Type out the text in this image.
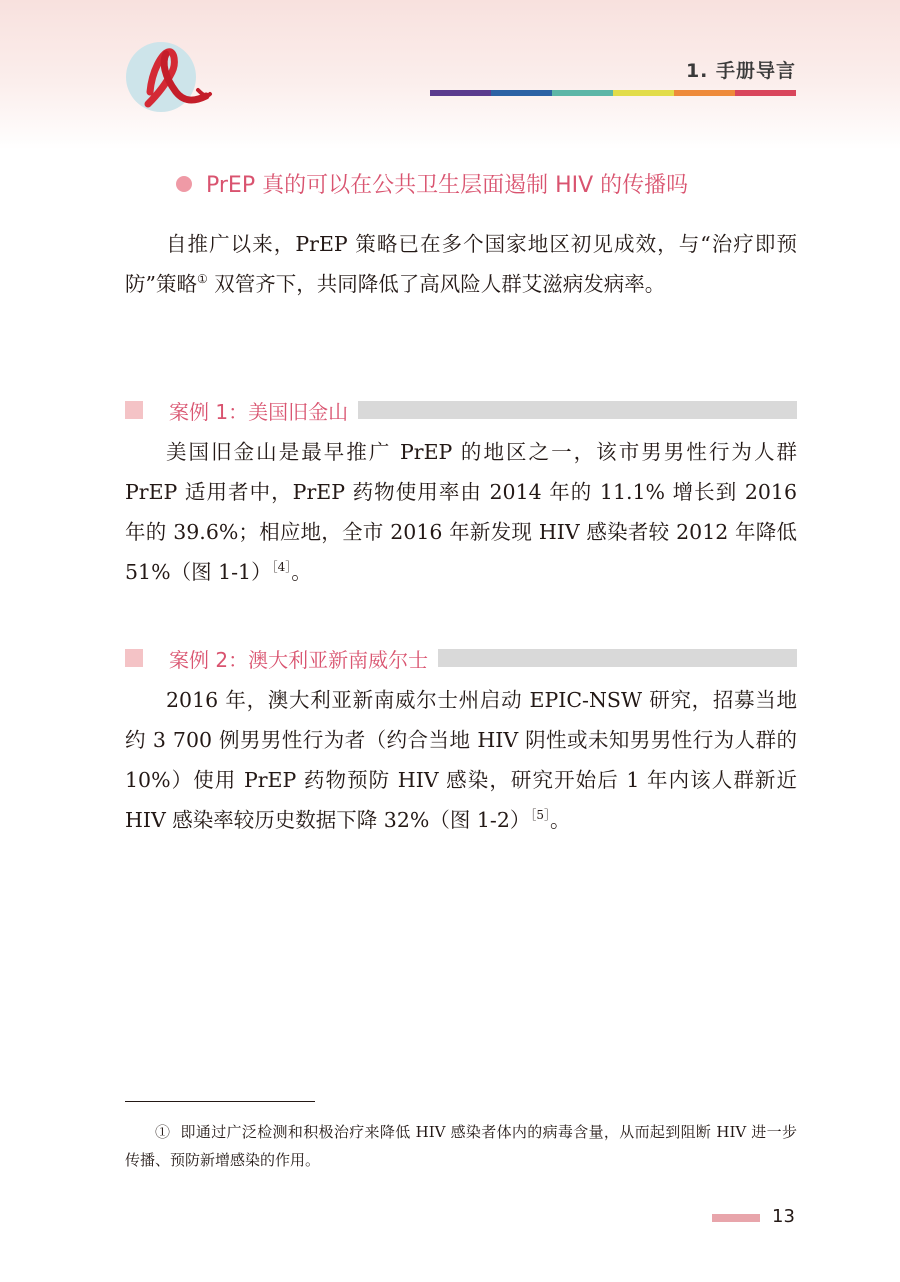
1. 手册导言
PrEP 真的可以在公共卫生层面遏制 HIV 的传播吗

自推广以来，PrEP 策略已在多个国家地区初见成效，与“治疗即预防”策略① 双管齐下，共同降低了高风险人群艾滋病发病率。

案例 1：美国旧金山

美国旧金山是最早推广 PrEP 的地区之一，该市男男性行为人群 PrEP 适用者中，PrEP 药物使用率由 2014 年的 11.1% 增长到 2016 年的 39.6%；相应地，全市 2016 年新发现 HIV 感染者较 2012 年降低 51%（图 1-1）$^{[4]}$。

案例 2：澳大利亚新南威尔士

2016 年，澳大利亚新南威尔士州启动 EPIC-NSW 研究，招募当地约 3 700 例男男性行为者（约合当地 HIV 阴性或未知男男性行为人群的 10%）使用 PrEP 药物预防 HIV 感染，研究开始后 1 年内该人群新近 HIV 感染率较历史数据下降 32%（图 1-2）$^{[5]}$。

① 即通过广泛检测和积极治疗来降低 HIV 感染者体内的病毒含量，从而起到阻断 HIV 进一步传播、预防新增感染的作用。

13
